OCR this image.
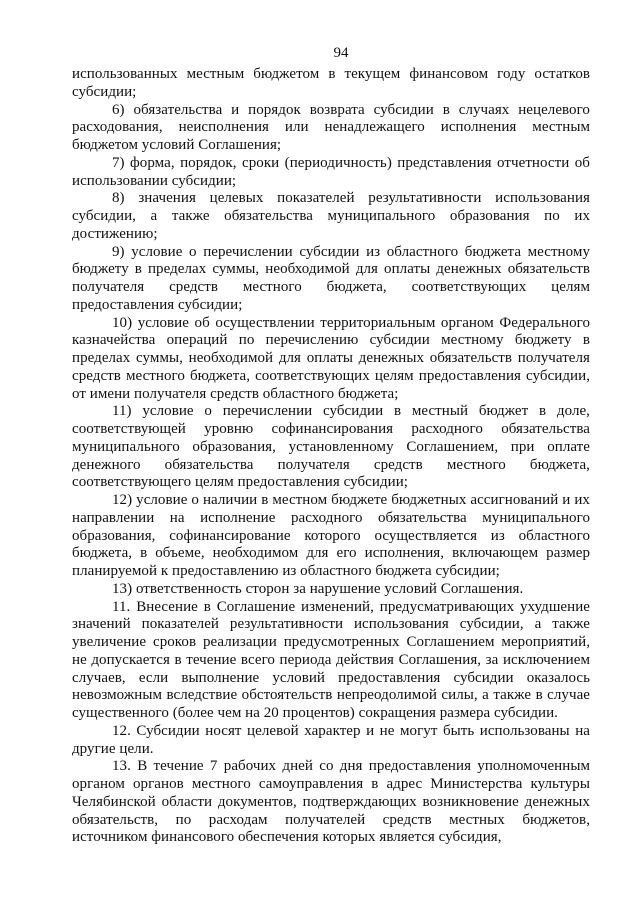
94
использованных местным бюджетом в текущем финансовом году остатков
субсидии;
6) обязательства и порядок возврата субсидии в случаях нецелевого
расходования, неисполнения или ненадлежащего исполнения местным
бюджетом условий Соглашения;
7) форма, порядок, сроки (периодичность) представления отчетности об
использовании субсидии;
8) значения целевых показателей результативности использования
субсидии, а также обязательства муниципального образования по их
достижению;
9) условие о перечислении субсидии из областного бюджета местному
бюджету в пределах суммы, необходимой для оплаты денежных обязательств
получателя средств местного бюджета, соответствующих целям
предоставления субсидии;
10) условие об осуществлении территориальным органом Федерального
казначейства операций по перечислению субсидии местному бюджету в
пределах суммы, необходимой для оплаты денежных обязательств получателя
средств местного бюджета, соответствующих целям предоставления субсидии,
от имени получателя средств областного бюджета;
11) условие о перечислении субсидии в местный бюджет в доле,
соответствующей уровню софинансирования расходного обязательства
муниципального образования, установленному Соглашением, при оплате
денежного обязательства получателя средств местного бюджета,
соответствующего целям предоставления субсидии;
12) условие о наличии в местном бюджете бюджетных ассигнований и их
направлении на исполнение расходного обязательства муниципального
образования, софинансирование которого осуществляется из областного
бюджета, в объеме, необходимом для его исполнения, включающем размер
планируемой к предоставлению из областного бюджета субсидии;
13) ответственность сторон за нарушение условий Соглашения.
11. Внесение в Соглашение изменений, предусматривающих ухудшение
значений показателей результативности использования субсидии, а также
увеличение сроков реализации предусмотренных Соглашением мероприятий,
не допускается в течение всего периода действия Соглашения, за исключением
случаев, если выполнение условий предоставления субсидии оказалось
невозможным вследствие обстоятельств непреодолимой силы, а также в случае
существенного (более чем на 20 процентов) сокращения размера субсидии.
12. Субсидии носят целевой характер и не могут быть использованы на
другие цели.
13. В течение 7 рабочих дней со дня предоставления уполномоченным
органом органов местного самоуправления в адрес Министерства культуры
Челябинской области документов, подтверждающих возникновение денежных
обязательств, по расходам получателей средств местных бюджетов,
источником финансового обеспечения которых является субсидия,
